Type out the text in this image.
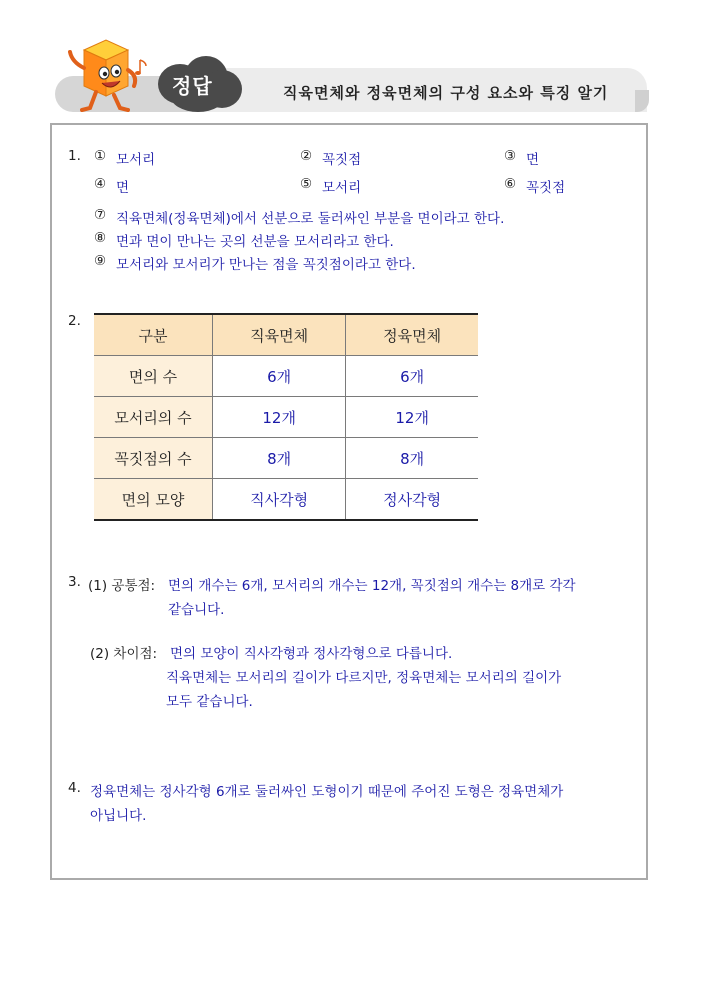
정답	직육면체와 정육면체의 구성 요소와 특징 알기
1. ① 모서리	② 꼭짓점	③ 면
④ 면	⑤ 모서리	⑥ 꼭짓점
⑦ 직육면체(정육면체)에서 선분으로 둘러싸인 부분을 면이라고 한다.
⑧ 면과 면이 만나는 곳의 선분을 모서리라고 한다.
⑨ 모서리와 모서리가 만나는 점을 꼭짓점이라고 한다.
2.
구분	직육면체	정육면체
면의 수	6개	6개
모서리의 수	12개	12개
꼭짓점의 수	8개	8개
면의 모양	직사각형	정사각형
3. (1) 공통점: 면의 개수는 6개, 모서리의 개수는 12개, 꼭짓점의 개수는 8개로 각각
같습니다.
(2) 차이점: 면의 모양이 직사각형과 정사각형으로 다릅니다.
직육면체는 모서리의 길이가 다르지만, 정육면체는 모서리의 길이가
모두 같습니다.
4. 정육면체는 정사각형 6개로 둘러싸인 도형이기 때문에 주어진 도형은 정육면체가
아닙니다.
